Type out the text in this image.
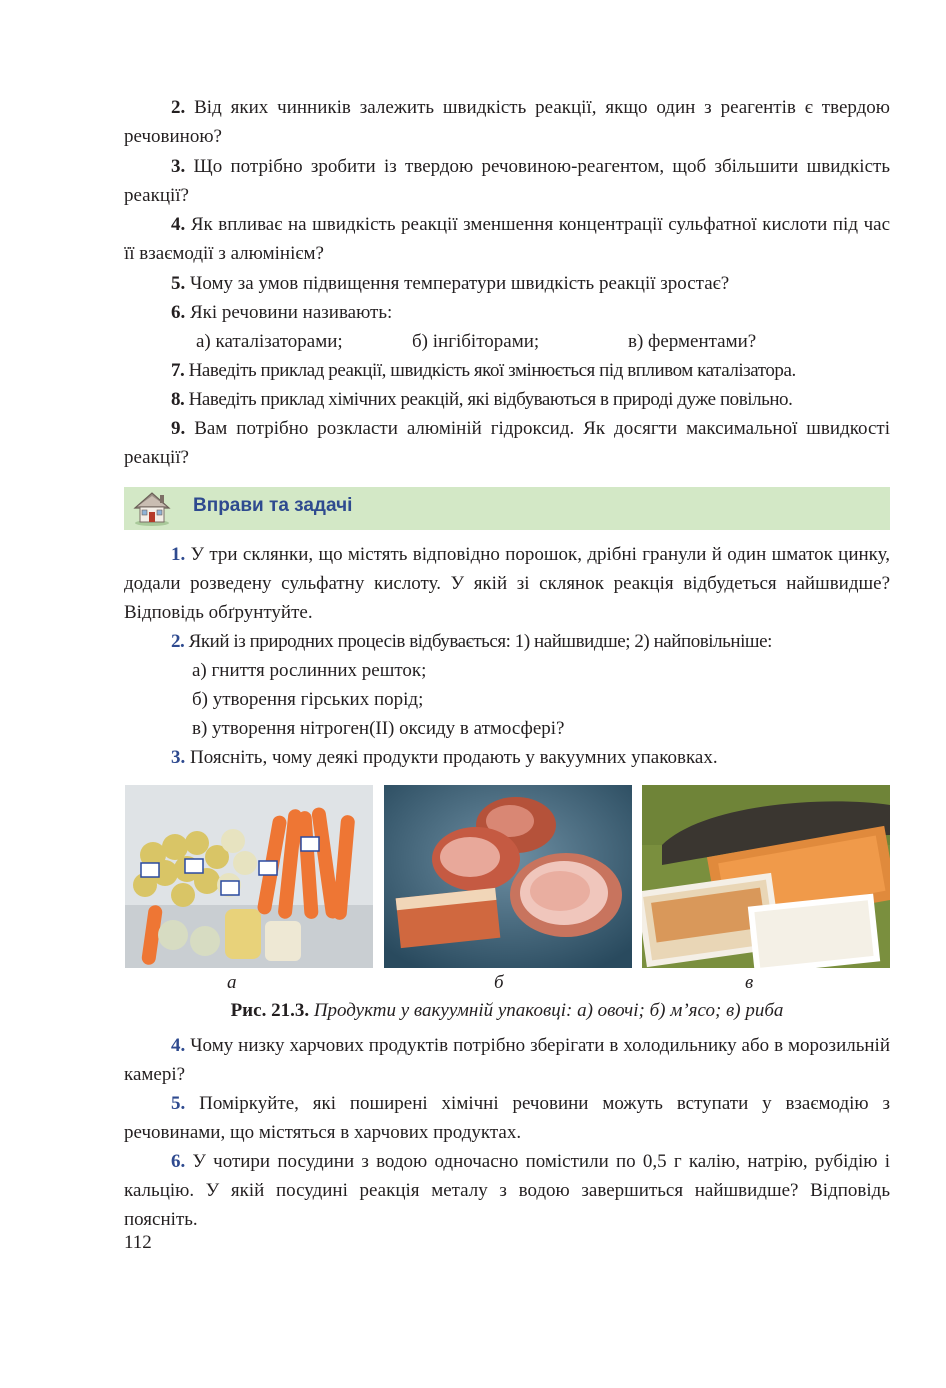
2. Від яких чинників залежить швидкість реакції, якщо один з реагентів є твердою речовиною?

3. Що потрібно зробити із твердою речовиною-реагентом, щоб збільшити швидкість реакції?

4. Як впливає на швидкість реакції зменшення концентрації сульфатної кислоти під час її взаємодії з алюмінієм?

5. Чому за умов підвищення температури швидкість реакції зростає?

6. Які речовини називають:

а) каталізаторами;	б) інгібіторами;	в) ферментами?

7. Наведіть приклад реакції, швидкість якої змінюється під впливом каталізатора.

8. Наведіть приклад хімічних реакцій, які відбуваються в природі дуже повільно.

9. Вам потрібно розкласти алюміній гідроксид. Як досягти максимальної швидкості реакції?

Вправи та задачі

1. У три склянки, що містять відповідно порошок, дрібні гранули й один шматок цинку, додали розведену сульфатну кислоту. У якій зі склянок реакція відбудеться найшвидше? Відповідь обґрунтуйте.

2. Який із природних процесів відбувається: 1) найшвидше; 2) найповільніше:

а) гниття рослинних решток;
б) утворення гірських порід;
в) утворення нітроген(ІІ) оксиду в атмосфері?

3. Поясніть, чому деякі продукти продають у вакуумних упаковках.

а	б	в
Рис. 21.3. Продукти у вакуумній упаковці: а) овочі; б) м’ясо; в) риба

4. Чому низку харчових продуктів потрібно зберігати в холодильнику або в морозильній камері?

5. Поміркуйте, які поширені хімічні речовини можуть вступати у взаємодію з речовинами, що містяться в харчових продуктах.

6. У чотири посудини з водою одночасно помістили по 0,5 г калію, натрію, рубідію і кальцію. У якій посудині реакція металу з водою завершиться найшвидше? Відповідь поясніть.

112
